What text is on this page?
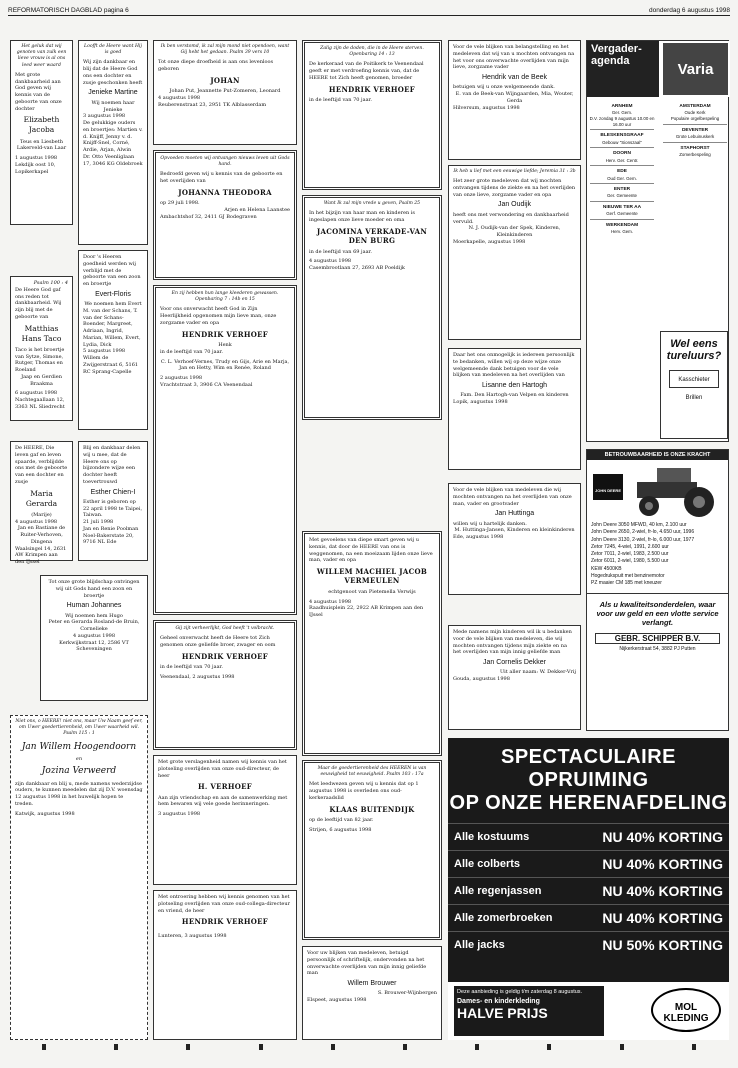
REFORMATORISCH DAGBLAD pagina 6	donderdag 6 augustus 1998
Het geluk dat wij genoten van zulk een lieve vrouw is al ons leed weer waard
Met grote dankbaarheid aan God geven wij kennis van de geboorte van onze dochter
Elizabeth Jacoba
Teus en Liesbeth Lakerveld-van Laar
1 augustus 1998
Lekdijk oost 10, Lopikerkapel
Psalm 100 : 4
De Heere God gaf ons reden tot dankbaarheid. Wij zijn blij met de geboorte van
Matthias Hans Taco
Taco is het broertje van Sytze, Simone, Rutger, Thomas en Roeland
Jaap en Gerdien Braakma
6 augustus 1998
Nachtegaallaan 12, 3363 NL Sliedrecht
De HEERE, Die leven gaf en leven spaarde, verblijdde ons met de geboorte van een dochter en zusje
Maria Gerarda
(Marije)
4 augustus 1998
Jan en Bastiane de Ruiter-Verhoven, Dingena
Waalsingel 14, 2631 AW Krimpen aan den IJssel
Loofft de Heere want Hij is goed
Wij zijn dankbaar en blij dat de Heere God ons een dochter en zusje geschonken heeft
Jenieke Martine
Wij noemen haar Jenieke
3 augustus 1998
De gelukkige ouders en broertjes: Martien v. d. Knijff, Jenny v. d. Knijff-Snel, Corné, Ardie, Arjan, Alwin
Dr. Otto Veenliglaan 17, 3046 KG Oldebroek
Door 's Heeren goedheid werden wij verblijd met de geboorte van een zoon en broertje
Evert-Floris
We noemen hem Evert
M. van der Schans, T. van der Schans-Boender, Margreet, Adriaan, Ingrid, Marian, Willem, Evert, Lydia, Dick
5 augustus 1998
Willem de Zwijgerstraat 6, 5161 RC Sprang-Capelle
Blij en dankbaar delen wij u mee, dat de Heere ons op bijzondere wijze een dochter heeft toevertrouwd
Esther Chien-I
Esther is geboren op 22 april 1998 te Taipei, Taiwan.
21 juli 1998
Jan en Renie Poolman
Noel-Bakerstate 20, 9716 NL Ede
Tot onze grote blijdschap ontvingen wij uit Gods hand een zoon en broertje
Human Johannes
Wij noemen hem Hugo
Peter en Gerarda Rosland-de Bruin, Cornelieke
4 augustus 1998
Kerkwijkstraat 12, 2586 VT Scheveningen
Niet ons, o HEERE! niet ons, maar Uw Naam geef eer, om Uwer goedertierenheid, om Uwer waarheid wil. Psalm 115 : 1
Jan Willem Hoogendoorn
en
Jozina Verweerd
zijn dankbaar en blij u, mede namens wederzijdse ouders, te kunnen meedelen dat zij D.V. woensdag 12 augustus 1998 in het huwelijk hopen te treden.
Katwijk, augustus 1998
Ik ben verstomd, ik zal mijn mond niet opendoen, want Gij hebt het gedaan. Psalm 39 vers 10
Tot onze diepe droefheid is aan ons levenloos geboren
JOHAN
Johan Put, Jeannette Put-Zomeren, Leonard
4 augustus 1998
Reuberenstraat 23, 2951 TK Alblasserdam
Opvoeden moeten wij ontvangen nieuws leven uit Gods hand.
Bedroefd geven wij u kennis van de geboorte en het overlijden van
JOHANNA THEODORA
op 29 juli 1998.
Arjen en Helena Laanstee
Ambachtshof 32, 2411 GJ Bodegraven
En zij hebben hun lange kleederen gewassen. Openbaring 7 : 14b en 15
Voor ons onverwacht heeft God in Zijn Heerlijkheid opgenomen mijn lieve man, onze zorgzame vader en opa
HENDRIK VERHOEF
Henk
in de leeftijd van 70 jaar.
C. L. Verhoef-Vernes, Trudy en Gijs, Arie en Marja, Jan en Hetty, Wim en Renée, Roland
2 augustus 1998
Vrachtstraat 3, 3906 CA Veenendaal
Gij zijt verheerlijkt, God heeft 't volbracht.
Geheel onverwacht heeft de Heere tot Zich genomen onze geliefde broer, zwager en oom
HENDRIK VERHOEF
in de leeftijd van 70 jaar.
Veenendaal, 2 augustus 1998
Met grote verslagenheid namen wij kennis van het plotseling overlijden van onze oud-directeur, de heer
H. VERHOEF
Aan zijn vriendschap en aan de samenwerking met hem bewaren wij vele goede herinneringen.
3 augustus 1998
Met ontroering hebben wij kennis genomen van het plotseling overlijden van onze oud-collega-directeur en vriend, de heer
HENDRIK VERHOEF
Lunteren, 3 augustus 1998
Zalig zijn de doden, die in de Heere sterven. Openbaring 14 : 13
De kerkeraad van de Poitikerk te Veenendaal geeft er met verdroefing kennis van, dat de HEERE tot Zich heeft genomen, broeder
HENDRIK VERHOEF
in de leeftijd van 70 jaar.
Want Ik zal mijn vrede u geven, Psalm 25
In het bijzijn van haar man en kinderen is ingeslapen onze lieve moeder en oma
JACOMINA VERKADE-VAN DEN BURG
in de leeftijd van 69 jaar.
4 augustus 1998
Casembrootlaan 27, 2693 AB Poeldijk
Met gevoelens van diepe smart geven wij u kennis, dat door de HEERE van ons is weggenomen, na een moeizaam lijden onze lieve man, vader en opa
WILLEM MACHIEL JACOB VERMEULEN
echtgenoot van Pietemella Verwijs
4 augustus 1998
Raadhuisplein 22, 2922 AB Krimpen aan den IJssel
Maar de goedertierenheid des HEEREN is van eeuwigheid tot eeuwigheid. Psalm 103 : 17a
Met leedwezen geven wij u kennis dat op 1 augustus 1998 is overleden ons oud-kerkeraadslid
KLAAS BUITENDIJK
op de leeftijd van 82 jaar.
Strijen, 6 augustus 1998
Voor uw blijken van medeleven, betuigd persoonlijk of schriftelijk, ondervonden na het onverwachte overlijden van mijn innig geliefde man
Willem Brouwer
S. Brouwer-Wijnbergen
Elspeet, augustus 1998
Voor de vele blijken van belangstelling en het medeleven dat wij van u mochten ontvangen na het voor ons onverwachte overlijden van mijn lieve, zorgzame vader
Hendrik van de Beek
betuigen wij u onze welgemeende dank.
E. van de Beek-van Wijngaarden, Mia, Wouter, Gerda
Hilversum, augustus 1998
Ik heb u lief met een eeuwige liefde; Jeremia 31 : 3b
Het zeer grote medeleven dat wij mochten ontvangen tijdens de ziekte en na het overlijden van onze lieve, zorgzame vader en opa
Jan Oudijk
heeft ons met verwondering en dankbaarheid vervuld.
N. J. Oudijk-van der Spek, Kinderen, Kleinkinderen
Moerkapelle, augustus 1998
Daar het ons onmogelijk is iedereen persoonlijk te bedanken, willen wij op deze wijze onze welgemeende dank betuigen voor de vele blijken van medeleven na het overlijden van
Lisanne den Hartogh
Fam. Den Hartogh-van Velpen en kinderen
Lopik, augustus 1998
Voor de vele blijken van medeleven die wij mochten ontvangen na het overlijden van onze man, vader en grootvader
Jan Huttinga
willen wij u hartelijk danken.
M. Huttinga-Jansen, Kinderen en kleinkinderen
Ede, augustus 1998
Mede namens mijn kinderen wil ik u bedanken voor de vele blijken van medeleven, die wij mochten ontvangen tijdens mijn ziekte en na het overlijden van mijn innig geliefde man
Jan Cornelis Dekker
Uit aller naam: W. Dekker-Vrij
Gouda, augustus 1998
Vergader-agenda	Varia
ARNHEM
Ger. Gem.
D.V. zondag 9 augustus 10.00 en 16.00 uur
BLESKENSGRAAF
Gebouw "Sionszaal"
DOORN
Herv. Ger. Centr.
EDE
Oud Ger. Gem.
ENTER
Ger. Gemeente
NIEUWE TER AA
Gerf. Gemeente
WERKENDAM
Herv. Gem.
AMSTERDAM
Oude Kerk
Populaire orgelbespeling
DEVENTER
Grote Lebuinuskerk
STAPHORST
Zomerbespeling
Wel eens tureluurs?
Kasschieter Brillen
BETROUWBAARHEID IS ONZE KRACHT
JOHN DEERE
John Deere 3050 MFWD, 40 km, 2.100 uur
John Deere 2650, 2-wiel, fr-lo, 4.650 uur, 1996
John Deere 3130, 2-wiel, fr-lo, 6.000 uur, 1977
Zetor 7245, 4-wiel, 1991, 2.600 uur
Zetor 7011, 2-wiel, 1983, 2.500 uur
Zetor 6011, 2-wiel, 1980, 5.500 uur
KEW 4500KB
Hogedrukspuit met benzinemotor
PZ maaier CM 185 met kneuzer
Als u kwaliteitsonderdelen, waar voor uw geld en een vlotte service verlangt.
GEBR. SCHIPPER B.V.
Nijkerkerstraat 54, 3882 PJ Putten
SPECTACULAIRE OPRUIMING
OP ONZE HERENAFDELING
Alle kostuums	NU 40% KORTING
Alle colberts	NU 40% KORTING
Alle regenjassen	NU 40% KORTING
Alle zomerbroeken	NU 40% KORTING
Alle jacks	NU 50% KORTING
Deze aanbieding is geldig t/m zaterdag 8 augustus.
Dames- en kinderkleding
HALVE PRIJS	MOL KLEDING
